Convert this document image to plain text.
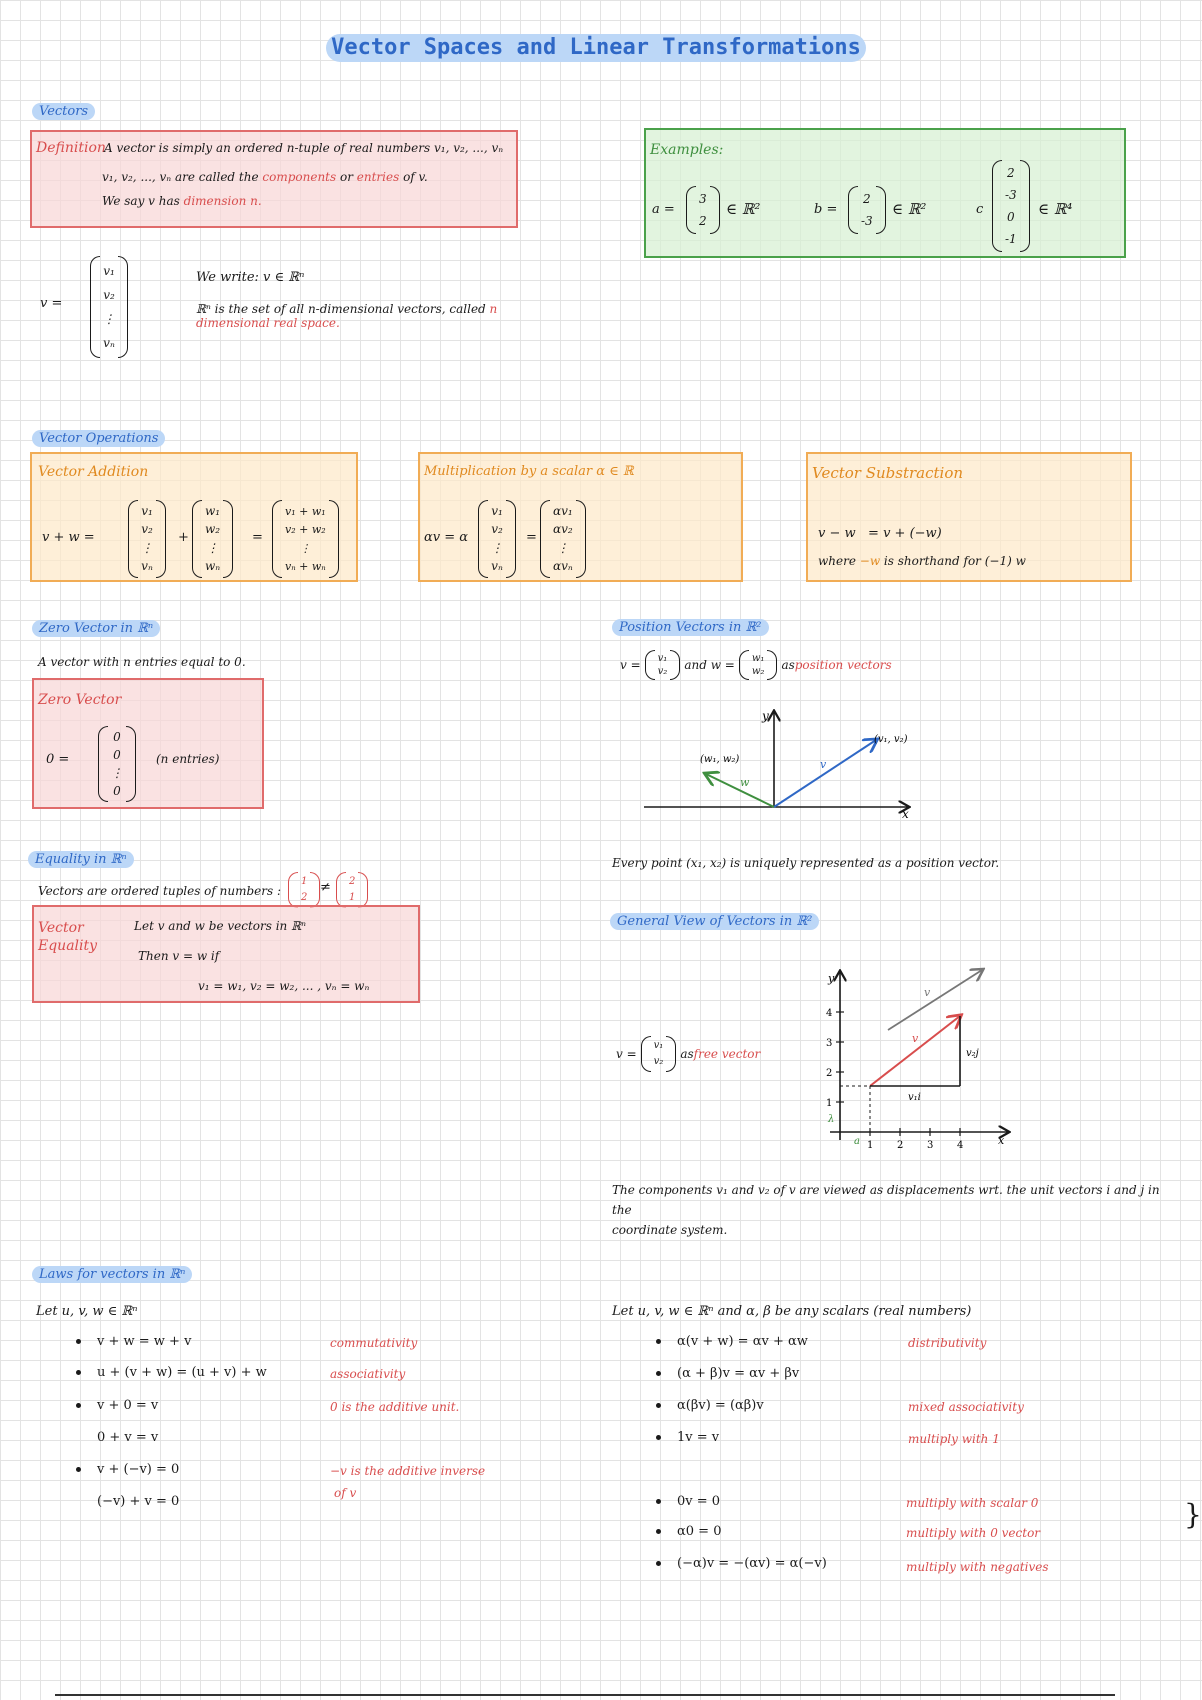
Vector Spaces and Linear Transformations
Vectors
Definition
A vector is simply an ordered n-tuple of real numbers v₁, v₂, ..., vₙ
v₁, v₂, ..., vₙ are called the components or entries of v.
We say v has dimension n.
v =
v₁
v₂
⋮
vₙ
We write: v ∈ ℝⁿ
ℝⁿ is the set of all n-dimensional vectors, called n dimensional real space.
Examples:
a =
3
2
∈ ℝ²	b =
2
-3
∈ ℝ²	c
2
-3
0
-1
∈ ℝ⁴
Vector Operations
Vector Addition
v + w =
v₁
v₂
⋮
vₙ
+
w₁
w₂
⋮
wₙ
=
v₁ + w₁
v₂ + w₂
⋮
vₙ + wₙ
Multiplication by a scalar α ∈ ℝ
αv = α
v₁
v₂
⋮
vₙ
=
αv₁
αv₂
⋮
αvₙ
Vector Substraction
v − w = v + (−w)
where −w is shorthand for (−1) w
Zero Vector in ℝⁿ
A vector with n entries equal to 0.
Zero Vector
0 =
0
0
⋮
0
(n entries)
Equality in ℝⁿ
Vectors are ordered tuples of numbers :
1
2
≠ 2
1
Vector Equality
Let v and w be vectors in ℝⁿ
Then v = w if
v₁ = w₁, v₂ = w₂, ... , vₙ = wₙ
Position Vectors in ℝ²
v = v₁
v₂ and w = w₁
w₂ as position vectors
y
x
(w₁, w₂)
(v₁, v₂)
w
v
Every point (x₁, x₂) is uniquely represented as a position vector.
General View of Vectors in ℝ²
v =
v₁
v₂
as free vector
1
2
3
4
1 2 3 4
y
x
v
v
v₂j
v₁i
λ
a
The components v₁ and v₂ of v are viewed as displacements wrt. the unit vectors i and j in the
coordinate system.
Laws for vectors in ℝⁿ
Let u, v, w ∈ ℝⁿ
v + w = w + v	commutativity
u + (v + w) = (u + v) + w	associativity
v + 0 = v	0 is the additive unit.
0 + v = v
v + (−v) = 0	−v is the additive inverse
(−v) + v = 0
of v
Let u, v, w ∈ ℝⁿ and α, β be any scalars (real numbers)
α(v + w) = αv + αw	distributivity
(α + β)v = αv + βv
α(βv) = (αβ)v	mixed associativity
1v = v	multiply with 1
0v = 0	multiply with scalar 0
α0 = 0	multiply with 0 vector
(−α)v = −(αv) = α(−v)	multiply with negatives
}
